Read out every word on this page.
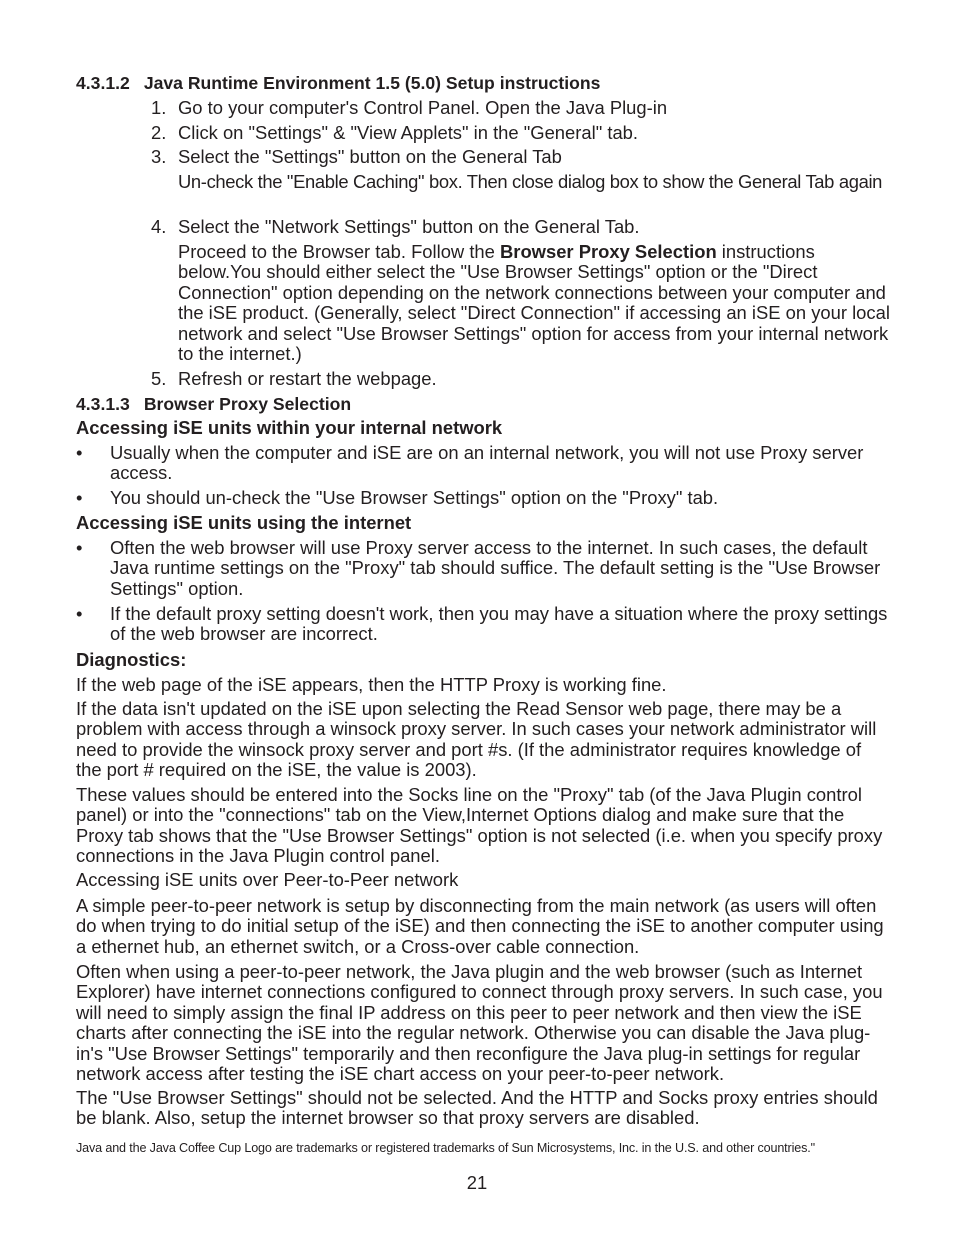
4.3.1.2 Java Runtime Environment 1.5 (5.0) Setup instructions
1. Go to your computer's Control Panel. Open the Java Plug-in
2. Click on "Settings" & "View Applets" in the "General" tab.
3. Select the "Settings" button on the General Tab
Un-check the "Enable Caching" box. Then close dialog box to show the General Tab again
4. Select the "Network Settings" button on the General Tab.
Proceed to the Browser tab. Follow the Browser Proxy Selection instructions below.You should either select the "Use Browser Settings" option or the "Direct Connection" option depending on the network connections between your computer and the iSE product. (Generally, select "Direct Connection" if accessing an iSE on your local network and select "Use Browser Settings" option for access from your internal network to the internet.)
5. Refresh or restart the webpage.
4.3.1.3 Browser Proxy Selection
Accessing iSE units within your internal network
• Usually when the computer and iSE are on an internal network, you will not use Proxy server access.
• You should un-check the "Use Browser Settings" option on the "Proxy" tab.
Accessing iSE units using the internet
• Often the web browser will use Proxy server access to the internet. In such cases, the default Java runtime settings on the "Proxy" tab should suffice. The default setting is the "Use Browser Settings" option.
• If the default proxy setting doesn't work, then you may have a situation where the proxy settings of the web browser are incorrect.
Diagnostics:
If the web page of the iSE appears, then the HTTP Proxy is working fine.
If the data isn't updated on the iSE upon selecting the Read Sensor web page, there may be a problem with access through a winsock proxy server. In such cases your network administrator will need to provide the winsock proxy server and port #s. (If the administrator requires knowledge of the port # required on the iSE, the value is 2003).
These values should be entered into the Socks line on the "Proxy" tab (of the Java Plugin control panel) or into the "connections" tab on the View,Internet Options dialog and make sure that the Proxy tab shows that the "Use Browser Settings" option is not selected (i.e. when you specify proxy connections in the Java Plugin control panel.
Accessing iSE units over Peer-to-Peer network
A simple peer-to-peer network is setup by disconnecting from the main network (as users will often do when trying to do initial setup of the iSE) and then connecting the iSE to another computer using a ethernet hub, an ethernet switch, or a Cross-over cable connection.
Often when using a peer-to-peer network, the Java plugin and the web browser (such as Internet Explorer) have internet connections configured to connect through proxy servers. In such case, you will need to simply assign the final IP address on this peer to peer network and then view the iSE charts after connecting the iSE into the regular network. Otherwise you can disable the Java plug-in's "Use Browser Settings" temporarily and then reconfigure the Java plug-in settings for regular network access after testing the iSE chart access on your peer-to-peer network.
The "Use Browser Settings" should not be selected. And the HTTP and Socks proxy entries should be blank. Also, setup the internet browser so that proxy servers are disabled.
Java and the Java Coffee Cup Logo are trademarks or registered trademarks of Sun Microsystems, Inc. in the U.S. and other countries."
21
